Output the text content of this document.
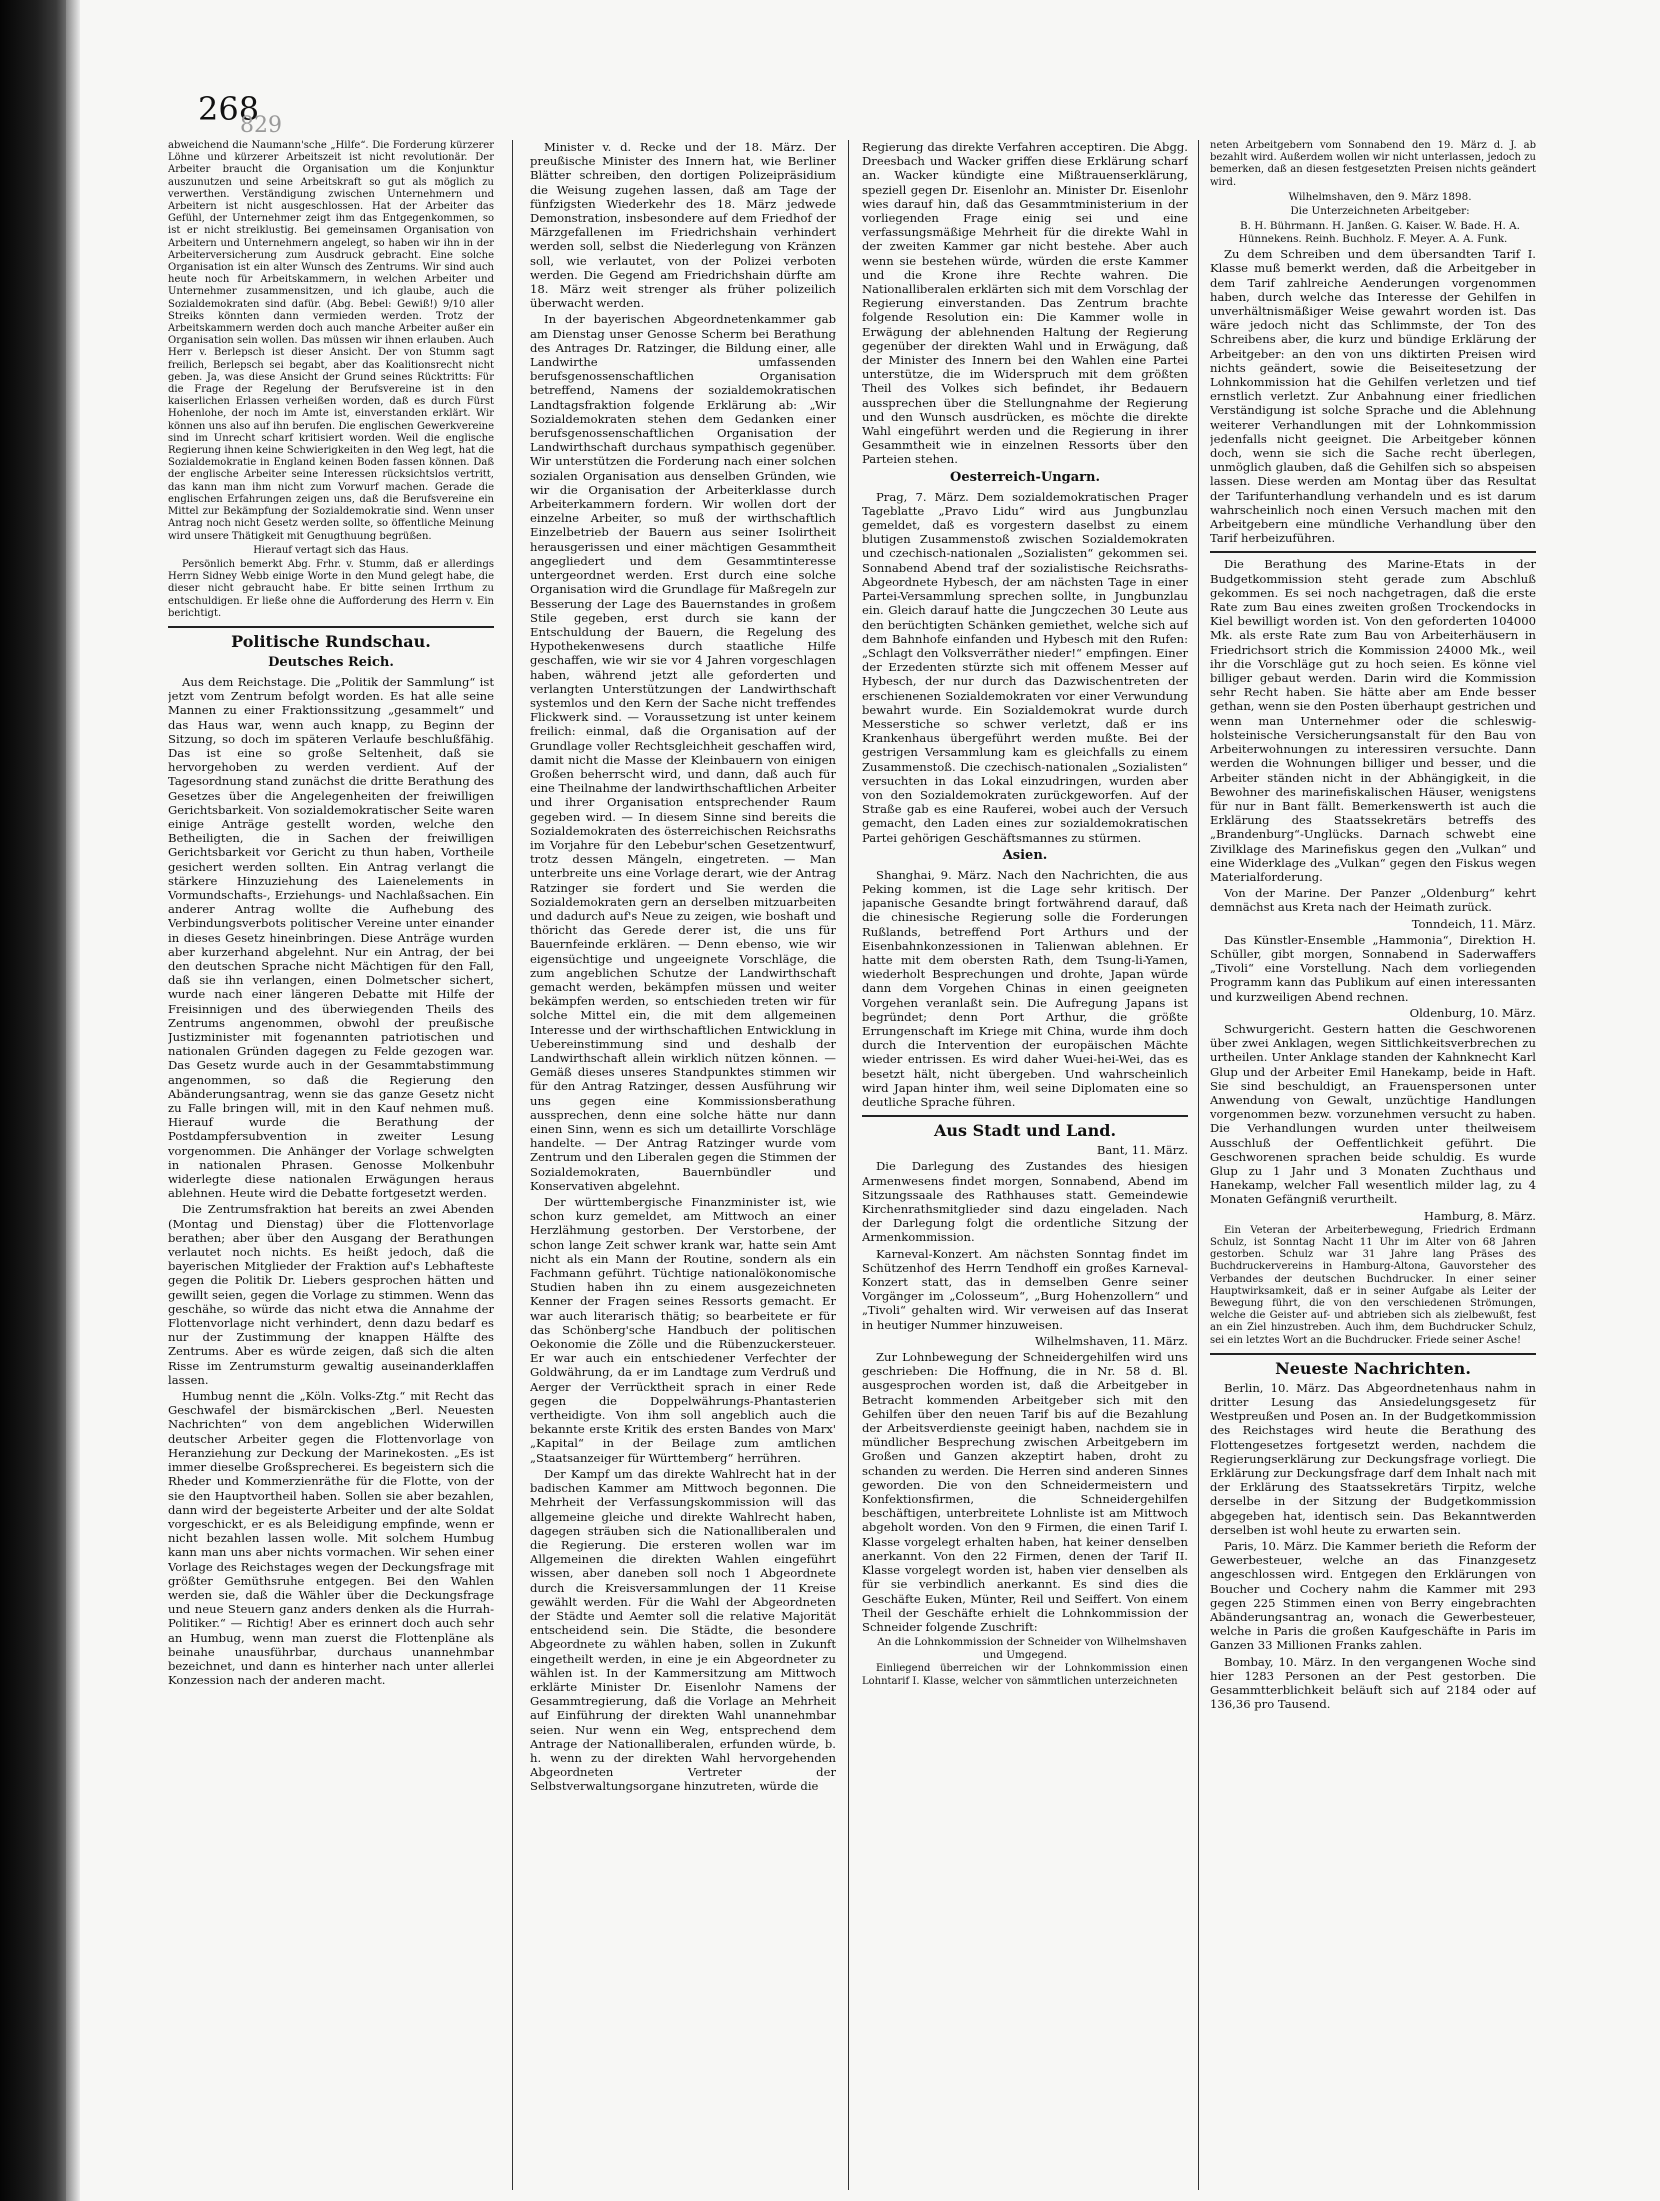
268
829

abweichend die Naumann'sche „Hilfe“. Die Forderung kürzerer Löhne und kürzerer Arbeitszeit ist nicht revolutionär. Der Arbeiter braucht die Organisation um die Konjunktur auszunutzen und seine Arbeitskraft so gut als möglich zu verwerthen. Verständigung zwischen Unternehmern und Arbeitern ist nicht ausgeschlossen. Hat der Arbeiter das Gefühl, der Unternehmer zeigt ihm das Entgegenkommen, so ist er nicht streiklustig. Bei gemeinsamen Organisation von Arbeitern und Unternehmern angelegt, so haben wir ihn in der Arbeiterversicherung zum Ausdruck gebracht. Eine solche Organisation ist ein alter Wunsch des Zentrums. Wir sind auch heute noch für Arbeitskammern, in welchen Arbeiter und Unternehmer zusammensitzen, und ich glaube, auch die Sozialdemokraten sind dafür. (Abg. Bebel: Gewiß!) 9/10 aller Streiks könnten dann vermieden werden. Trotz der Arbeitskammern werden doch auch manche Arbeiter außer ein Organisation sein wollen. Das müssen wir ihnen erlauben. Auch Herr v. Berlepsch ist dieser Ansicht. Der von Stumm sagt freilich, Berlepsch sei begabt, aber das Koalitionsrecht nicht geben. Ja, was diese Ansicht der Grund seines Rücktritts: Für die Frage der Regelung der Berufsvereine ist in den kaiserlichen Erlassen verheißen worden, daß es durch Fürst Hohenlohe, der noch im Amte ist, einverstanden erklärt. Wir können uns also auf ihn berufen. Die englischen Gewerkvereine sind im Unrecht scharf kritisiert worden. Weil die englische Regierung ihnen keine Schwierigkeiten in den Weg legt, hat die Sozialdemokratie in England keinen Boden fassen können. Daß der englische Arbeiter seine Interessen rücksichtslos vertritt, das kann man ihm nicht zum Vorwurf machen. Gerade die englischen Erfahrungen zeigen uns, daß die Berufsvereine ein Mittel zur Bekämpfung der Sozialdemokratie sind. Wenn unser Antrag noch nicht Gesetz werden sollte, so öffentliche Meinung wird unsere Thätigkeit mit Genugthuung begrüßen.

Hierauf vertagt sich das Haus.

Persönlich bemerkt Abg. Frhr. v. Stumm, daß er allerdings Herrn Sidney Webb einige Worte in den Mund gelegt habe, die dieser nicht gebraucht habe. Er bitte seinen Irrthum zu entschuldigen. Er ließe ohne die Aufforderung des Herrn v. Ein berichtigt.

Politische Rundschau.
Deutsches Reich.

Aus dem Reichstage. Die „Politik der Sammlung“ ist jetzt vom Zentrum befolgt worden. Es hat alle seine Mannen zu einer Fraktionssitzung „gesammelt“ und das Haus war, wenn auch knapp, zu Beginn der Sitzung, so doch im späteren Verlaufe beschlußfähig. Das ist eine so große Seltenheit, daß sie hervorgehoben zu werden verdient. Auf der Tagesordnung stand zunächst die dritte Berathung des Gesetzes über die Angelegenheiten der freiwilligen Gerichtsbarkeit. Von sozialdemokratischer Seite waren einige Anträge gestellt worden, welche den Betheiligten, die in Sachen der freiwilligen Gerichtsbarkeit vor Gericht zu thun haben, Vortheile gesichert werden sollten. Ein Antrag verlangt die stärkere Hinzuziehung des Laienelements in Vormundschafts-, Erziehungs- und Nachlaßsachen. Ein anderer Antrag wollte die Aufhebung des Verbindungsverbots politischer Vereine unter einander in dieses Gesetz hineinbringen. Diese Anträge wurden aber kurzerhand abgelehnt. Nur ein Antrag, der bei den deutschen Sprache nicht Mächtigen für den Fall, daß sie ihn verlangen, einen Dolmetscher sichert, wurde nach einer längeren Debatte mit Hilfe der Freisinnigen und des überwiegenden Theils des Zentrums angenommen, obwohl der preußische Justizminister mit fogenannten patriotischen und nationalen Gründen dagegen zu Felde gezogen war. Das Gesetz wurde auch in der Gesammtabstimmung angenommen, so daß die Regierung den Abänderungsantrag, wenn sie das ganze Gesetz nicht zu Falle bringen will, mit in den Kauf nehmen muß. Hierauf wurde die Berathung der Postdampfersubvention in zweiter Lesung vorgenommen. Die Anhänger der Vorlage schwelgten in nationalen Phrasen. Genosse Molkenbuhr widerlegte diese nationalen Erwägungen heraus ablehnen. Heute wird die Debatte fortgesetzt werden.

Die Zentrumsfraktion hat bereits an zwei Abenden (Montag und Dienstag) über die Flottenvorlage berathen; aber über den Ausgang der Berathungen verlautet noch nichts. Es heißt jedoch, daß die bayerischen Mitglieder der Fraktion auf's Lebhafteste gegen die Politik Dr. Liebers gesprochen hätten und gewillt seien, gegen die Vorlage zu stimmen. Wenn das geschähe, so würde das nicht etwa die Annahme der Flottenvorlage nicht verhindert, denn dazu bedarf es nur der Zustimmung der knappen Hälfte des Zentrums. Aber es würde zeigen, daß sich die alten Risse im Zentrumsturm gewaltig auseinanderklaffen lassen.

Humbug nennt die „Köln. Volks-Ztg.“ mit Recht das Geschwafel der bismärckischen „Berl. Neuesten Nachrichten“ von dem angeblichen Widerwillen deutscher Arbeiter gegen die Flottenvorlage von Heranziehung zur Deckung der Marinekosten. „Es ist immer dieselbe Großsprecherei. Es begeistern sich die Rheder und Kommerzienräthe für die Flotte, von der sie den Hauptvortheil haben. Sollen sie aber bezahlen, dann wird der begeisterte Arbeiter und der alte Soldat vorgeschickt, er es als Beleidigung empfinde, wenn er nicht bezahlen lassen wolle. Mit solchem Humbug kann man uns aber nichts vormachen. Wir sehen einer Vorlage des Reichstages wegen der Deckungsfrage mit größter Gemüthsruhe entgegen. Bei den Wahlen werden sie, daß die Wähler über die Deckungsfrage und neue Steuern ganz anders denken als die Hurrah-Politiker.“ — Richtig! Aber es erinnert doch auch sehr an Humbug, wenn man zuerst die Flottenpläne als beinahe unausführbar, durchaus unannehmbar bezeichnet, und dann es hinterher nach unter allerlei Konzession nach der anderen macht.

Minister v. d. Recke und der 18. März. Der preußische Minister des Innern hat, wie Berliner Blätter schreiben, den dortigen Polizeipräsidium die Weisung zugehen lassen, daß am Tage der fünfzigsten Wiederkehr des 18. März jedwede Demonstration, insbesondere auf dem Friedhof der Märzgefallenen im Friedrichshain verhindert werden soll, selbst die Niederlegung von Kränzen soll, wie verlautet, von der Polizei verboten werden. Die Gegend am Friedrichshain dürfte am 18. März weit strenger als früher polizeilich überwacht werden.

In der bayerischen Abgeordnetenkammer gab am Dienstag unser Genosse Scherm bei Berathung des Antrages Dr. Ratzinger, die Bildung einer, alle Landwirthe umfassenden berufsgenossenschaftlichen Organisation betreffend, Namens der sozialdemokratischen Landtagsfraktion folgende Erklärung ab: „Wir Sozialdemokraten stehen dem Gedanken einer berufsgenossenschaftlichen Organisation der Landwirthschaft durchaus sympathisch gegenüber. Wir unterstützen die Forderung nach einer solchen sozialen Organisation aus denselben Gründen, wie wir die Organisation der Arbeiterklasse durch Arbeiterkammern fordern. Wir wollen dort der einzelne Arbeiter, so muß der wirthschaftlich Einzelbetrieb der Bauern aus seiner Isolirtheit herausgerissen und einer mächtigen Gesammtheit angegliedert und dem Gesammtinteresse untergeordnet werden. Erst durch eine solche Organisation wird die Grundlage für Maßregeln zur Besserung der Lage des Bauernstandes in großem Stile gegeben, erst durch sie kann der Entschuldung der Bauern, die Regelung des Hypothekenwesens durch staatliche Hilfe geschaffen, wie wir sie vor 4 Jahren vorgeschlagen haben, während jetzt alle geforderten und verlangten Unterstützungen der Landwirthschaft systemlos und den Kern der Sache nicht treffendes Flickwerk sind. — Voraussetzung ist unter keinem freilich: einmal, daß die Organisation auf der Grundlage voller Rechtsgleichheit geschaffen wird, damit nicht die Masse der Kleinbauern von einigen Großen beherrscht wird, und dann, daß auch für eine Theilnahme der landwirthschaftlichen Arbeiter und ihrer Organisation entsprechender Raum gegeben wird. — In diesem Sinne sind bereits die Sozialdemokraten des österreichischen Reichsraths im Vorjahre für den Lebebur'schen Gesetzentwurf, trotz dessen Mängeln, eingetreten. — Man unterbreite uns eine Vorlage derart, wie der Antrag Ratzinger sie fordert und Sie werden die Sozialdemokraten gern an derselben mitzuarbeiten und dadurch auf's Neue zu zeigen, wie boshaft und thöricht das Gerede derer ist, die uns für Bauernfeinde erklären. — Denn ebenso, wie wir eigensüchtige und ungeeignete Vorschläge, die zum angeblichen Schutze der Landwirthschaft gemacht werden, bekämpfen müssen und weiter bekämpfen werden, so entschieden treten wir für solche Mittel ein, die mit dem allgemeinen Interesse und der wirthschaftlichen Entwicklung in Uebereinstimmung sind und deshalb der Landwirthschaft allein wirklich nützen können. — Gemäß dieses unseres Standpunktes stimmen wir für den Antrag Ratzinger, dessen Ausführung wir uns gegen eine Kommissionsberathung aussprechen, denn eine solche hätte nur dann einen Sinn, wenn es sich um detaillirte Vorschläge handelte. — Der Antrag Ratzinger wurde vom Zentrum und den Liberalen gegen die Stimmen der Sozialdemokraten, Bauernbündler und Konservativen abgelehnt.

Der württembergische Finanzminister ist, wie schon kurz gemeldet, am Mittwoch an einer Herzlähmung gestorben. Der Verstorbene, der schon lange Zeit schwer krank war, hatte sein Amt nicht als ein Mann der Routine, sondern als ein Fachmann geführt. Tüchtige nationalökonomische Studien haben ihn zu einem ausgezeichneten Kenner der Fragen seines Ressorts gemacht. Er war auch literarisch thätig; so bearbeitete er für das Schönberg'sche Handbuch der politischen Oekonomie die Zölle und die Rübenzuckersteuer. Er war auch ein entschiedener Verfechter der Goldwährung, da er im Landtage zum Verdruß und Aerger der Verrücktheit sprach in einer Rede gegen die Doppelwährungs-Phantasterien vertheidigte. Von ihm soll angeblich auch die bekannte erste Kritik des ersten Bandes von Marx' „Kapital“ in der Beilage zum amtlichen „Staatsanzeiger für Württemberg“ herrühren.

Der Kampf um das direkte Wahlrecht hat in der badischen Kammer am Mittwoch begonnen. Die Mehrheit der Verfassungskommission will das allgemeine gleiche und direkte Wahlrecht haben, dagegen sträuben sich die Nationalliberalen und die Regierung. Die ersteren wollen war im Allgemeinen die direkten Wahlen eingeführt wissen, aber daneben soll noch 1 Abgeordnete durch die Kreisversammlungen der 11 Kreise gewählt werden. Für die Wahl der Abgeordneten der Städte und Aemter soll die relative Majorität entscheidend sein. Die Städte, die besondere Abgeordnete zu wählen haben, sollen in Zukunft eingetheilt werden, in eine je ein Abgeordneter zu wählen ist. In der Kammersitzung am Mittwoch erklärte Minister Dr. Eisenlohr Namens der Gesammtregierung, daß die Vorlage an Mehrheit auf Einführung der direkten Wahl unannehmbar seien. Nur wenn ein Weg, entsprechend dem Antrage der Nationalliberalen, erfunden würde, b. h. wenn zu der direkten Wahl hervorgehenden Abgeordneten Vertreter der Selbstverwaltungsorgane hinzutreten, würde die

Regierung das direkte Verfahren acceptiren. Die Abgg. Dreesbach und Wacker griffen diese Erklärung scharf an. Wacker kündigte eine Mißtrauenserklärung, speziell gegen Dr. Eisenlohr an. Minister Dr. Eisenlohr wies darauf hin, daß das Gesammtministerium in der vorliegenden Frage einig sei und eine verfassungsmäßige Mehrheit für die direkte Wahl in der zweiten Kammer gar nicht bestehe. Aber auch wenn sie bestehen würde, würden die erste Kammer und die Krone ihre Rechte wahren. Die Nationalliberalen erklärten sich mit dem Vorschlag der Regierung einverstanden. Das Zentrum brachte folgende Resolution ein: Die Kammer wolle in Erwägung der ablehnenden Haltung der Regierung gegenüber der direkten Wahl und in Erwägung, daß der Minister des Innern bei den Wahlen eine Partei unterstütze, die im Widerspruch mit dem größten Theil des Volkes sich befindet, ihr Bedauern aussprechen über die Stellungnahme der Regierung und den Wunsch ausdrücken, es möchte die direkte Wahl eingeführt werden und die Regierung in ihrer Gesammtheit wie in einzelnen Ressorts über den Parteien stehen.

Oesterreich-Ungarn.

Prag, 7. März. Dem sozialdemokratischen Prager Tageblatte „Pravo Lidu“ wird aus Jungbunzlau gemeldet, daß es vorgestern daselbst zu einem blutigen Zusammenstoß zwischen Sozialdemokraten und czechisch-nationalen „Sozialisten“ gekommen sei. Sonnabend Abend traf der sozialistische Reichsraths-Abgeordnete Hybesch, der am nächsten Tage in einer Partei-Versammlung sprechen sollte, in Jungbunzlau ein. Gleich darauf hatte die Jungczechen 30 Leute aus den berüchtigten Schänken gemiethet, welche sich auf dem Bahnhofe einfanden und Hybesch mit den Rufen: „Schlagt den Volksverräther nieder!“ empfingen. Einer der Erzedenten stürzte sich mit offenem Messer auf Hybesch, der nur durch das Dazwischentreten der erschienenen Sozialdemokraten vor einer Verwundung bewahrt wurde. Ein Sozialdemokrat wurde durch Messerstiche so schwer verletzt, daß er ins Krankenhaus übergeführt werden mußte. Bei der gestrigen Versammlung kam es gleichfalls zu einem Zusammenstoß. Die czechisch-nationalen „Sozialisten“ versuchten in das Lokal einzudringen, wurden aber von den Sozialdemokraten zurückgeworfen. Auf der Straße gab es eine Rauferei, wobei auch der Versuch gemacht, den Laden eines zur sozialdemokratischen Partei gehörigen Geschäftsmannes zu stürmen.

Asien.

Shanghai, 9. März. Nach den Nachrichten, die aus Peking kommen, ist die Lage sehr kritisch. Der japanische Gesandte bringt fortwährend darauf, daß die chinesische Regierung solle die Forderungen Rußlands, betreffend Port Arthurs und der Eisenbahnkonzessionen in Talienwan ablehnen. Er hatte mit dem obersten Rath, dem Tsung-li-Yamen, wiederholt Besprechungen und drohte, Japan würde dann dem Vorgehen Chinas in einen geeigneten Vorgehen veranlaßt sein. Die Aufregung Japans ist begründet; denn Port Arthur, die größte Errungenschaft im Kriege mit China, wurde ihm doch durch die Intervention der europäischen Mächte wieder entrissen. Es wird daher Wuei-hei-Wei, das es besetzt hält, nicht übergeben. Und wahrscheinlich wird Japan hinter ihm, weil seine Diplomaten eine so deutliche Sprache führen.

Aus Stadt und Land.

Bant, 11. März.

Die Darlegung des Zustandes des hiesigen Armenwesens findet morgen, Sonnabend, Abend im Sitzungssaale des Rathhauses statt. Gemeindewie Kirchenrathsmitglieder sind dazu eingeladen. Nach der Darlegung folgt die ordentliche Sitzung der Armenkommission.

Karneval-Konzert. Am nächsten Sonntag findet im Schützenhof des Herrn Tendhoff ein großes Karneval-Konzert statt, das in demselben Genre seiner Vorgänger im „Colosseum“, „Burg Hohenzollern“ und „Tivoli“ gehalten wird. Wir verweisen auf das Inserat in heutiger Nummer hinzuweisen.

Wilhelmshaven, 11. März.

Zur Lohnbewegung der Schneidergehilfen wird uns geschrieben: Die Hoffnung, die in Nr. 58 d. Bl. ausgesprochen worden ist, daß die Arbeitgeber in Betracht kommenden Arbeitgeber sich mit den Gehilfen über den neuen Tarif bis auf die Bezahlung der Arbeitsverdienste geeinigt haben, nachdem sie in mündlicher Besprechung zwischen Arbeitgebern im Großen und Ganzen akzeptirt haben, droht zu schanden zu werden. Die Herren sind anderen Sinnes geworden. Die von den Schneidermeistern und Konfektionsfirmen, die Schneidergehilfen beschäftigen, unterbreitete Lohnliste ist am Mittwoch abgeholt worden. Von den 9 Firmen, die einen Tarif I. Klasse vorgelegt erhalten haben, hat keiner denselben anerkannt. Von den 22 Firmen, denen der Tarif II. Klasse vorgelegt worden ist, haben vier denselben als für sie verbindlich anerkannt. Es sind dies die Geschäfte Euken, Münter, Reil und Seiffert. Von einem Theil der Geschäfte erhielt die Lohnkommission der Schneider folgende Zuschrift:

An die Lohnkommission der Schneider von Wilhelmshaven und Umgegend.

Einliegend überreichen wir der Lohnkommission einen Lohntarif I. Klasse, welcher von sämmtlichen unterzeichneten

neten Arbeitgebern vom Sonnabend den 19. März d. J. ab bezahlt wird. Außerdem wollen wir nicht unterlassen, jedoch zu bemerken, daß an diesen festgesetzten Preisen nichts geändert wird.

Wilhelmshaven, den 9. März 1898.

Die Unterzeichneten Arbeitgeber:

B. H. Bührmann. H. Janßen. G. Kaiser. W. Bade. H. A. Hünnekens. Reinh. Buchholz. F. Meyer. A. A. Funk.

Zu dem Schreiben und dem übersandten Tarif I. Klasse muß bemerkt werden, daß die Arbeitgeber in dem Tarif zahlreiche Aenderungen vorgenommen haben, durch welche das Interesse der Gehilfen in unverhältnismäßiger Weise gewahrt worden ist. Das wäre jedoch nicht das Schlimmste, der Ton des Schreibens aber, die kurz und bündige Erklärung der Arbeitgeber: an den von uns diktirten Preisen wird nichts geändert, sowie die Beiseitesetzung der Lohnkommission hat die Gehilfen verletzen und tief ernstlich verletzt. Zur Anbahnung einer friedlichen Verständigung ist solche Sprache und die Ablehnung weiterer Verhandlungen mit der Lohnkommission jedenfalls nicht geeignet. Die Arbeitgeber können doch, wenn sie sich die Sache recht überlegen, unmöglich glauben, daß die Gehilfen sich so abspeisen lassen. Diese werden am Montag über das Resultat der Tarifunterhandlung verhandeln und es ist darum wahrscheinlich noch einen Versuch machen mit den Arbeitgebern eine mündliche Verhandlung über den Tarif herbeizuführen.

Die Berathung des Marine-Etats in der Budgetkommission steht gerade zum Abschluß gekommen. Es sei noch nachgetragen, daß die erste Rate zum Bau eines zweiten großen Trockendocks in Kiel bewilligt worden ist. Von den geforderten 104000 Mk. als erste Rate zum Bau von Arbeiterhäusern in Friedrichsort strich die Kommission 24000 Mk., weil ihr die Vorschläge gut zu hoch seien. Es könne viel billiger gebaut werden. Darin wird die Kommission sehr Recht haben. Sie hätte aber am Ende besser gethan, wenn sie den Posten überhaupt gestrichen und wenn man Unternehmer oder die schleswig-holsteinische Versicherungsanstalt für den Bau von Arbeiterwohnungen zu interessiren versuchte. Dann werden die Wohnungen billiger und besser, und die Arbeiter ständen nicht in der Abhängigkeit, in die Bewohner des marinefiskalischen Häuser, wenigstens für nur in Bant fällt. Bemerkenswerth ist auch die Erklärung des Staatssekretärs betreffs des „Brandenburg“-Unglücks. Darnach schwebt eine Zivilklage des Marinefiskus gegen den „Vulkan“ und eine Widerklage des „Vulkan“ gegen den Fiskus wegen Materialforderung.

Von der Marine. Der Panzer „Oldenburg“ kehrt demnächst aus Kreta nach der Heimath zurück.

Tonndeich, 11. März.

Das Künstler-Ensemble „Hammonia“, Direktion H. Schüller, gibt morgen, Sonnabend in Saderwaffers „Tivoli“ eine Vorstellung. Nach dem vorliegenden Programm kann das Publikum auf einen interessanten und kurzweiligen Abend rechnen.

Oldenburg, 10. März.

Schwurgericht. Gestern hatten die Geschworenen über zwei Anklagen, wegen Sittlichkeitsverbrechen zu urtheilen. Unter Anklage standen der Kahnknecht Karl Glup und der Arbeiter Emil Hanekamp, beide in Haft. Sie sind beschuldigt, an Frauenspersonen unter Anwendung von Gewalt, unzüchtige Handlungen vorgenommen bezw. vorzunehmen versucht zu haben. Die Verhandlungen wurden unter theilweisem Ausschluß der Oeffentlichkeit geführt. Die Geschworenen sprachen beide schuldig. Es wurde Glup zu 1 Jahr und 3 Monaten Zuchthaus und Hanekamp, welcher Fall wesentlich milder lag, zu 4 Monaten Gefängniß verurtheilt.

Hamburg, 8. März.

Ein Veteran der Arbeiterbewegung, Friedrich Erdmann Schulz, ist Sonntag Nacht 11 Uhr im Alter von 68 Jahren gestorben. Schulz war 31 Jahre lang Präses des Buchdruckervereins in Hamburg-Altona, Gauvorsteher des Verbandes der deutschen Buchdrucker. In einer seiner Hauptwirksamkeit, daß er in seiner Aufgabe als Leiter der Bewegung führt, die von den verschiedenen Strömungen, welche die Geister auf- und abtrieben sich als zielbewußt, fest an ein Ziel hinzustreben. Auch ihm, dem Buchdrucker Schulz, sei ein letztes Wort an die Buchdrucker. Friede seiner Asche!

Neueste Nachrichten.

Berlin, 10. März. Das Abgeordnetenhaus nahm in dritter Lesung das Ansiedelungsgesetz für Westpreußen und Posen an. In der Budgetkommission des Reichstages wird heute die Berathung des Flottengesetzes fortgesetzt werden, nachdem die Regierungserklärung zur Deckungsfrage vorliegt. Die Erklärung zur Deckungsfrage darf dem Inhalt nach mit der Erklärung des Staatssekretärs Tirpitz, welche derselbe in der Sitzung der Budgetkommission abgegeben hat, identisch sein. Das Bekanntwerden derselben ist wohl heute zu erwarten sein.

Paris, 10. März. Die Kammer berieth die Reform der Gewerbesteuer, welche an das Finanzgesetz angeschlossen wird. Entgegen den Erklärungen von Boucher und Cochery nahm die Kammer mit 293 gegen 225 Stimmen einen von Berry eingebrachten Abänderungsantrag an, wonach die Gewerbesteuer, welche in Paris die großen Kaufgeschäfte in Paris im Ganzen 33 Millionen Franks zahlen.

Bombay, 10. März. In den vergangenen Woche sind hier 1283 Personen an der Pest gestorben. Die Gesammtterblichkeit beläuft sich auf 2184 oder auf 136,36 pro Tausend.
